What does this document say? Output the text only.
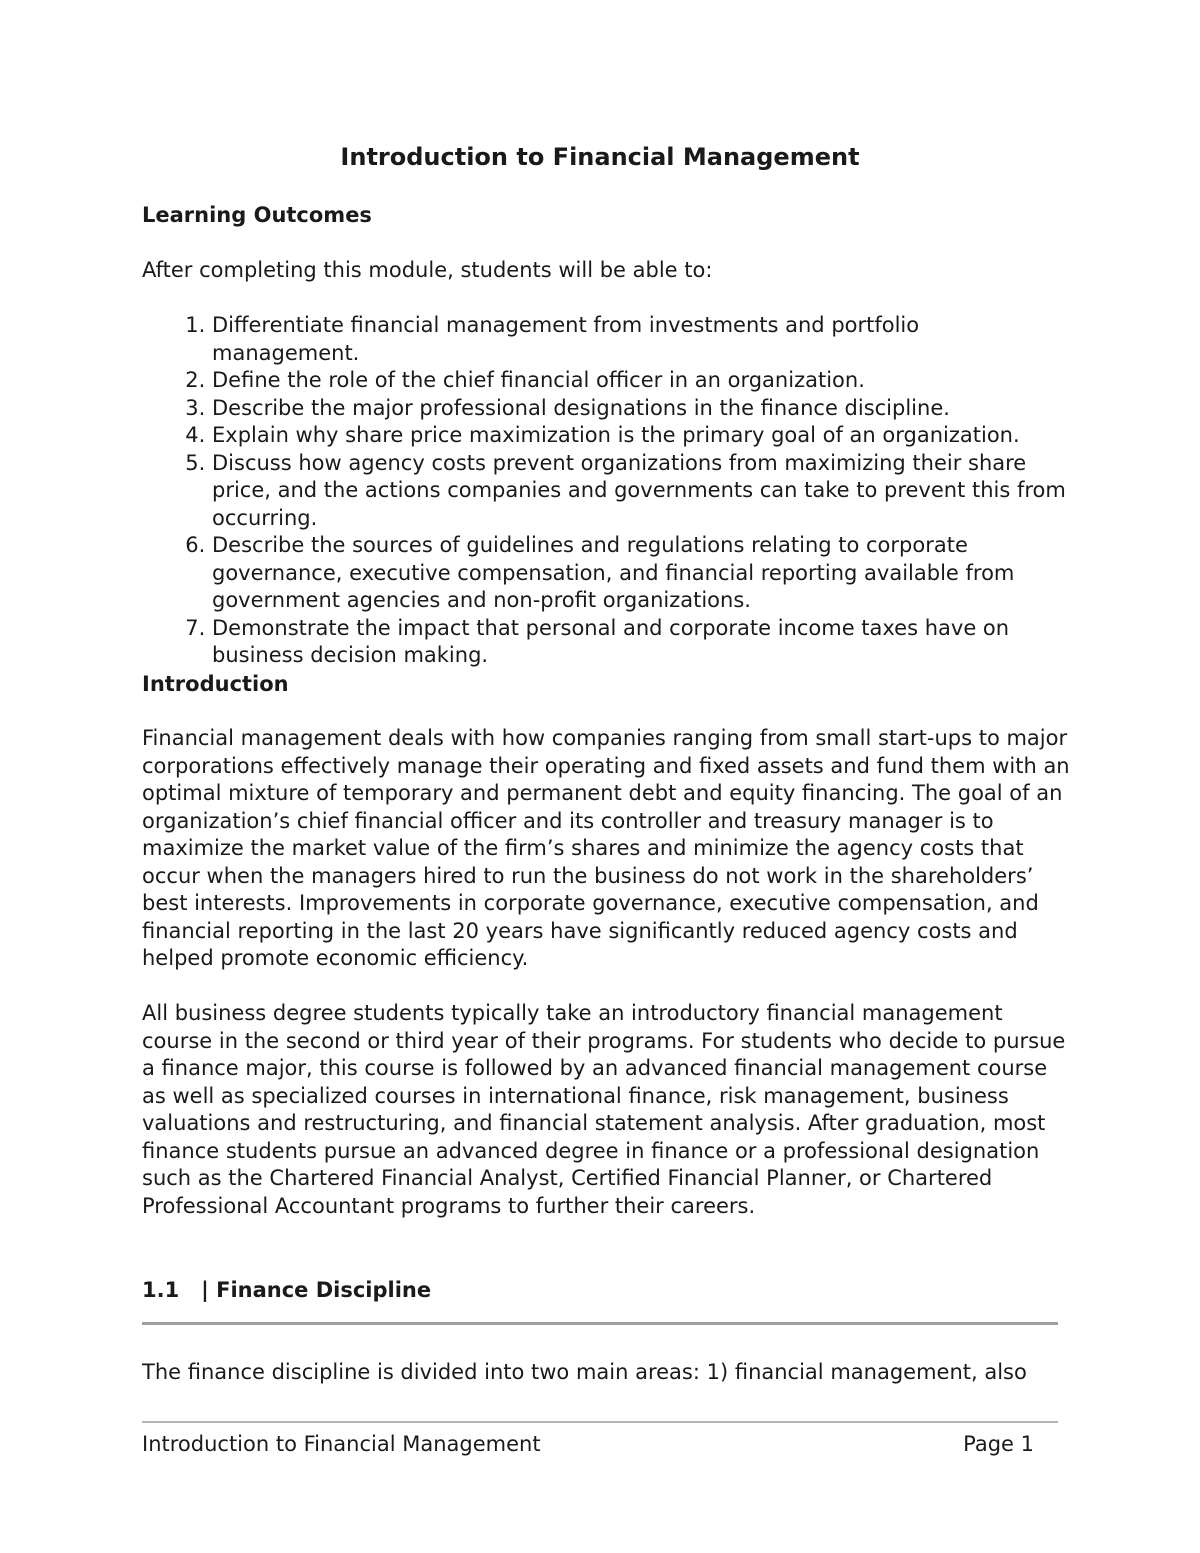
Introduction to Financial Management
Learning Outcomes

After completing this module, students will be able to:

1. Differentiate financial management from investments and portfolio management.
2. Define the role of the chief financial officer in an organization.
3. Describe the major professional designations in the finance discipline.
4. Explain why share price maximization is the primary goal of an organization.
5. Discuss how agency costs prevent organizations from maximizing their share price, and the actions companies and governments can take to prevent this from occurring.
6. Describe the sources of guidelines and regulations relating to corporate governance, executive compensation, and financial reporting available from government agencies and non-profit organizations.
7. Demonstrate the impact that personal and corporate income taxes have on business decision making.
Introduction

Financial management deals with how companies ranging from small start-ups to major corporations effectively manage their operating and fixed assets and fund them with an optimal mixture of temporary and permanent debt and equity financing. The goal of an organization’s chief financial officer and its controller and treasury manager is to maximize the market value of the firm’s shares and minimize the agency costs that occur when the managers hired to run the business do not work in the shareholders’ best interests. Improvements in corporate governance, executive compensation, and financial reporting in the last 20 years have significantly reduced agency costs and helped promote economic efficiency.

All business degree students typically take an introductory financial management course in the second or third year of their programs. For students who decide to pursue a finance major, this course is followed by an advanced financial management course as well as specialized courses in international finance, risk management, business valuations and restructuring, and financial statement analysis. After graduation, most finance students pursue an advanced degree in finance or a professional designation such as the Chartered Financial Analyst, Certified Financial Planner, or Chartered Professional Accountant programs to further their careers.

1.1   | Finance Discipline

The finance discipline is divided into two main areas: 1) financial management, also

Introduction to Financial Management	Page 1
